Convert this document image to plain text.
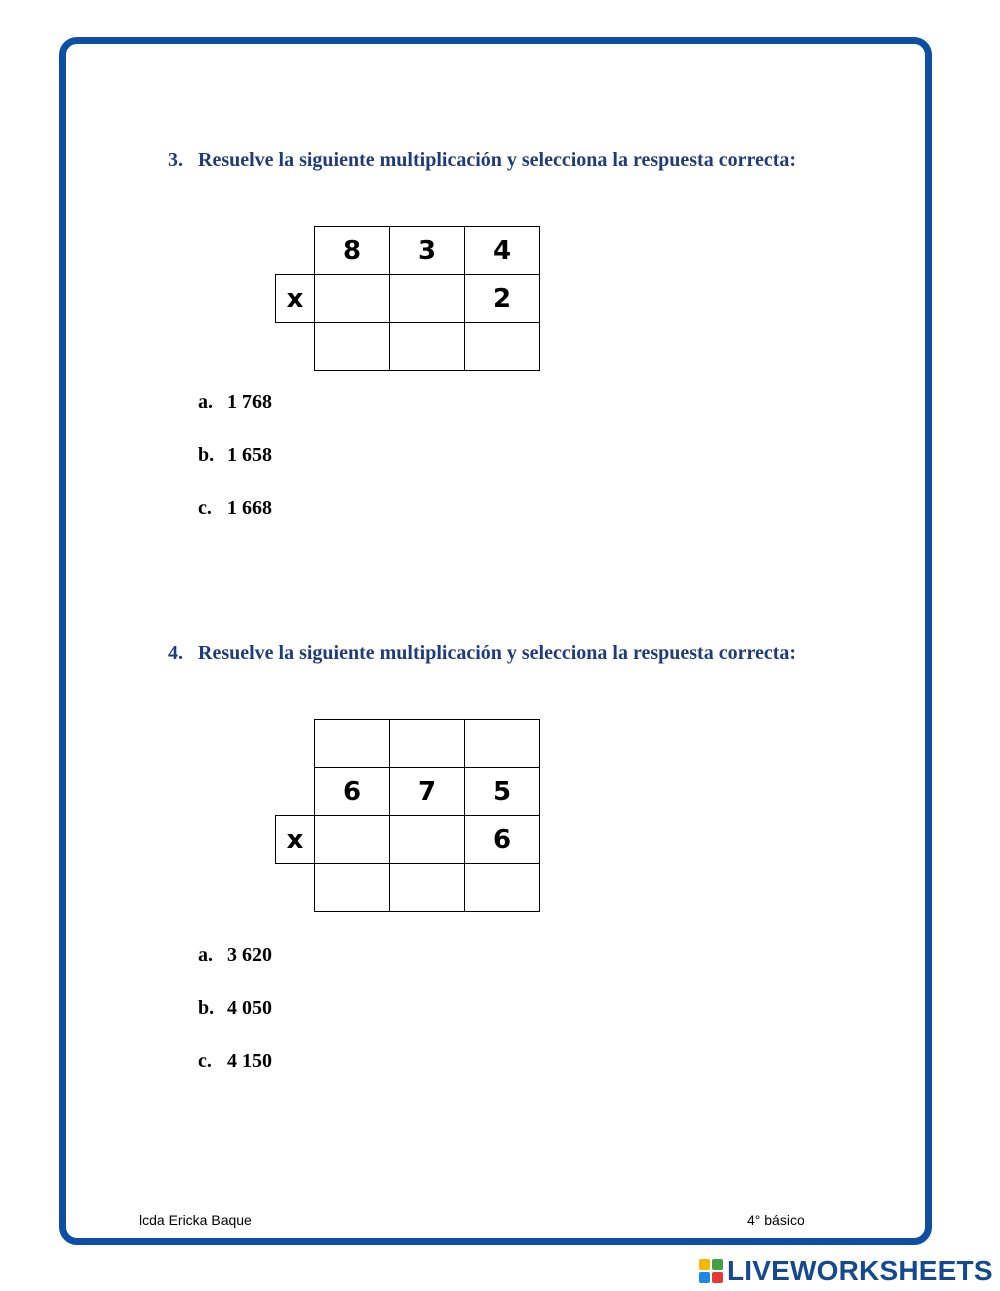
3. Resuelve la siguiente multiplicación y selecciona la respuesta correcta:
	8	3	4
x			2

a. 1 768
b. 1 658
c. 1 668
4. Resuelve la siguiente multiplicación y selecciona la respuesta correcta:

	6	7	5
x			6

a. 3 620
b. 4 050
c. 4 150
lcda Ericka Baque	4° básico
LIVEWORKSHEETS
